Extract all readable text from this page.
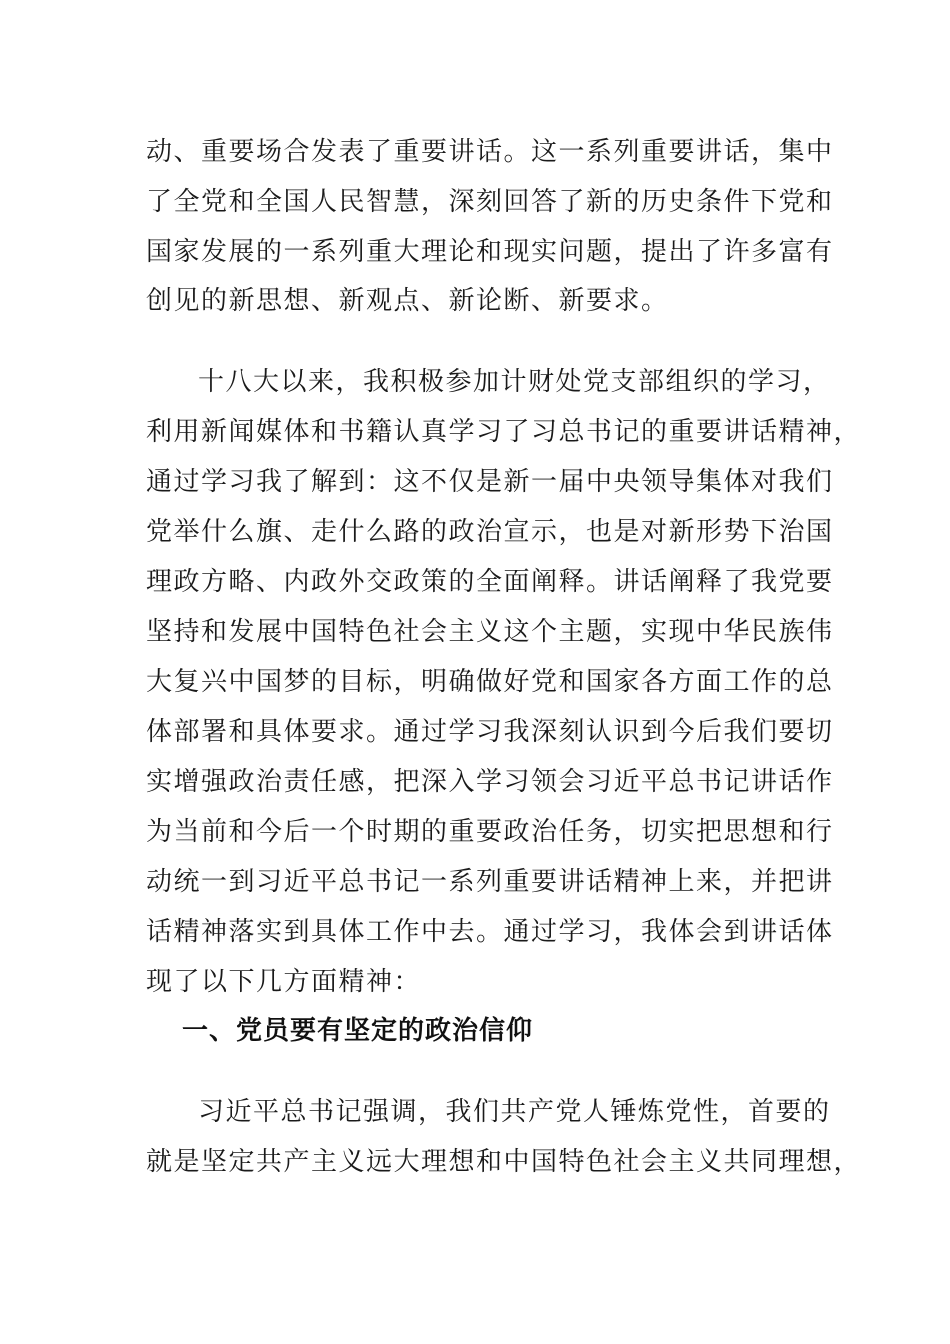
动、重要场合发表了重要讲话。这一系列重要讲话，集中
了全党和全国人民智慧，深刻回答了新的历史条件下党和
国家发展的一系列重大理论和现实问题，提出了许多富有
创见的新思想、新观点、新论断、新要求。
十八大以来，我积极参加计财处党支部组织的学习，
利用新闻媒体和书籍认真学习了习总书记的重要讲话精神，
通过学习我了解到：这不仅是新一届中央领导集体对我们
党举什么旗、走什么路的政治宣示，也是对新形势下治国
理政方略、内政外交政策的全面阐释。讲话阐释了我党要
坚持和发展中国特色社会主义这个主题，实现中华民族伟
大复兴中国梦的目标，明确做好党和国家各方面工作的总
体部署和具体要求。通过学习我深刻认识到今后我们要切
实增强政治责任感，把深入学习领会习近平总书记讲话作
为当前和今后一个时期的重要政治任务，切实把思想和行
动统一到习近平总书记一系列重要讲话精神上来，并把讲
话精神落实到具体工作中去。通过学习，我体会到讲话体
现了以下几方面精神：
一、党员要有坚定的政治信仰
习近平总书记强调，我们共产党人锤炼党性，首要的
就是坚定共产主义远大理想和中国特色社会主义共同理想，
